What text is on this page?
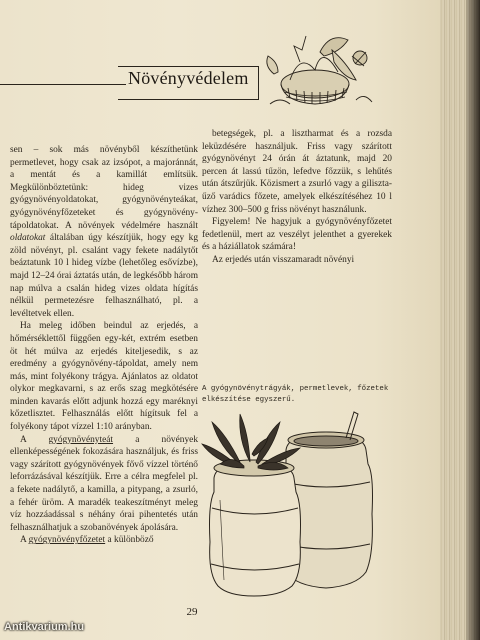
Növényvédelem

sen – sok más növényből készíthetünk permetlevet, hogy csak az izsópot, a majoránnát, a mentát és a kamillát említsük. Megkülönböztetünk: hideg vizes gyógynövényoldatokat, gyógynövényteákat, gyógynövényfőzeteket és gyógynövény-tápoldatokat. A növények védelmére használt oldatokat általában úgy készítjük, hogy egy kg zöld növényt, pl. csalánt vagy fekete nadálytőt beáztatunk 10 l hideg vízbe (lehetőleg esővízbe), majd 12–24 órai áztatás után, de legkésőbb három nap múlva a csalán hideg vizes oldata hígítás nélkül permetezésre felhasználható, pl. a levéltetvek ellen.

Ha meleg időben beindul az erjedés, a hőmérséklettől függően egy-két, extrém esetben öt hét múlva az erjedés kiteljesedik, s az eredmény a gyógynövény-tápoldat, amely nem más, mint folyékony trágya. Ajánlatos az oldatot olykor megkavarni, s az erős szag megkötésére minden kavarás előtt adjunk hozzá egy maréknyi kőzetlisztet. Felhasználás előtt hígítsuk fel a folyékony tápot vízzel 1:10 arányban.

A gyógynövényteát a növények ellenképességének fokozására használjuk, és friss vagy szárított gyógynövények fővő vízzel történő leforrázásával készítjük. Erre a célra megfelel pl. a fekete nadálytő, a kamilla, a pitypang, a zsurló, a fehér üröm. A maradék teakeszítményt meleg víz hozzáadással s néhány órai pihentetés után felhasználhatjuk a szobanövények ápolására.

A gyógynövényfőzetet a különböző

betegségek, pl. a lisztharmat és a rozsda leküzdésére használjuk. Friss vagy szárított gyógynövényt 24 órán át áztatunk, majd 20 percen át lassú tűzön, lefedve főzzük, s lehűtés után átszűrjük. Közismert a zsurló vagy a gilisztaűző varádics főzete, amelyek elkészítéséhez 10 l vízhez 300–500 g friss növényt használunk.

Figyelem! Ne hagyjuk a gyógynövényfőzetet fedetlenül, mert az veszélyt jelenthet a gyerekek és a háziállatok számára!

Az erjedés után visszamaradt növényi

A gyógynövénytrágyák, permetlevek, főzetek elkészítése egyszerű.
29
Antikvarium.hu
